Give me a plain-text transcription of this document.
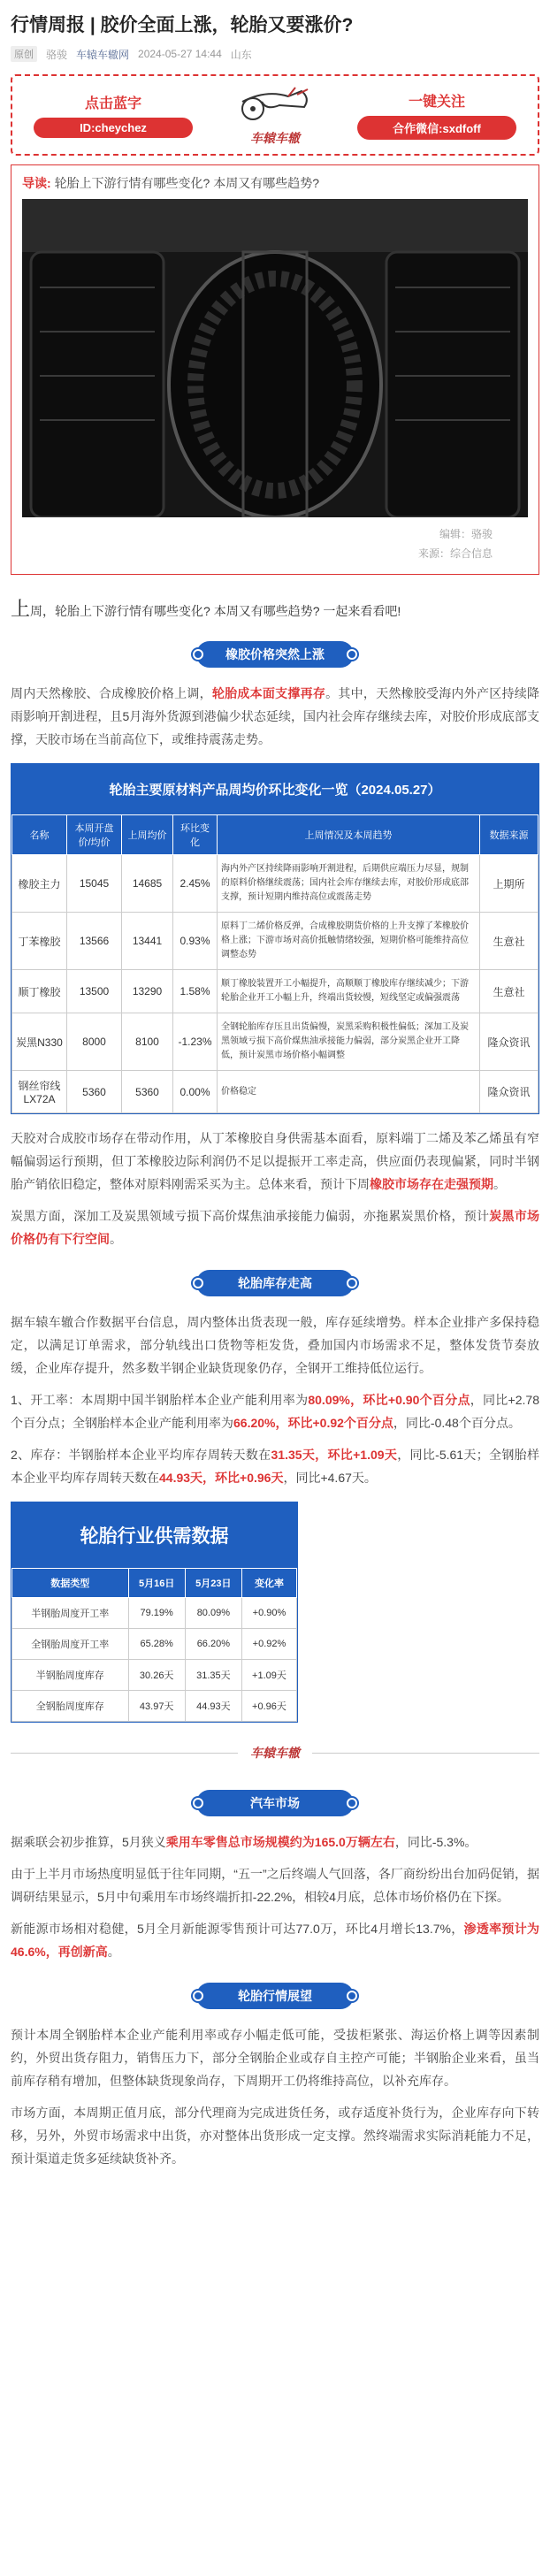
行情周报 | 胶价全面上涨，轮胎又要涨价?
原创	骆骏 车辕车辙网 2024-05-27 14:44 山东
点击蓝字
ID:cheychez
车辕车辙
一键关注
合作微信:sxdfoff
导读: 轮胎上下游行情有哪些变化? 本周又有哪些趋势?
编辑：骆骏
来源：综合信息

上周，轮胎上下游行情有哪些变化? 本周又有哪些趋势? 一起来看看吧!

橡胶价格突然上涨

周内天然橡胶、合成橡胶价格上调，轮胎成本面支撑再存。其中，天然橡胶受海内外产区持续降雨影响开割进程，且5月海外货源到港偏少状态延续，国内社会库存继续去库，对胶价形成底部支撑，天胶市场在当前高位下，或维持震荡走势。

轮胎主要原材料产品周均价环比变化一览（2024.05.27）
名称	本周开盘价/均价	上周均价	环比变化	上周情况及本周趋势	数据来源
橡胶主力	15045	14685	2.45%	海内外产区持续降雨影响开割进程，后期供应端压力尽显，规制的原料价格继续震荡；国内社会库存继续去库，对胶价形成底部支撑，预计短期内维持高位或震荡走势	上期所
丁苯橡胶	13566	13441	0.93%	原料丁二烯价格反弹，合成橡胶期货价格的上升支撑了苯橡胶价格上涨；下游市场对高价抵触情绪较强，短期价格可能维持高位调整态势	生意社
顺丁橡胶	13500	13290	1.58%	顺丁橡胶装置开工小幅提升，高顺顺丁橡胶库存继续减少；下游轮胎企业开工小幅上升，终端出货较慢，短线坚定或偏强震荡	生意社
炭黑N330	8000	8100	-1.23%	全钢轮胎库存压且出货偏慢，炭黑采购积极性偏低；深加工及炭黑领域亏损下高价煤焦油承接能力偏弱，部分炭黑企业开工降低，预计炭黑市场价格小幅调整	隆众资讯
钢丝帘线LX72A	5360	5360	0.00%	价格稳定	隆众资讯

天胶对合成胶市场存在带动作用，从丁苯橡胶自身供需基本面看，原料端丁二烯及苯乙烯虽有窄幅偏弱运行预期，但丁苯橡胶边际利润仍不足以提振开工率走高，供应面仍表现偏紧，同时半钢胎产销依旧稳定，整体对原料刚需采买为主。总体来看，预计下周橡胶市场存在走强预期。

炭黑方面，深加工及炭黑领域亏损下高价煤焦油承接能力偏弱，亦拖累炭黑价格，预计炭黑市场价格仍有下行空间。

轮胎库存走高

据车辕车辙合作数据平台信息，周内整体出货表现一般，库存延续增势。样本企业排产多保持稳定，以满足订单需求，部分轨线出口货物等柜发货，叠加国内市场需求不足，整体发货节奏放缓，企业库存提升，然多数半钢企业缺货现象仍存，全钢开工维持低位运行。

1、开工率：本周期中国半钢胎样本企业产能利用率为80.09%，环比+0.90个百分点，同比+2.78个百分点；全钢胎样本企业产能利用率为66.20%，环比+0.92个百分点，同比-0.48个百分点。

2、库存：半钢胎样本企业平均库存周转天数在31.35天，环比+1.09天，同比-5.61天；全钢胎样本企业平均库存周转天数在44.93天，环比+0.96天，同比+4.67天。

轮胎行业供需数据
数据类型	5月16日	5月23日	变化率
半钢胎周度开工率	79.19%	80.09%	+0.90%
全钢胎周度开工率	65.28%	66.20%	+0.92%
半钢胎周度库存	30.26天	31.35天	+1.09天
全钢胎周度库存	43.97天	44.93天	+0.96天
车辕车辙
汽车市场

据乘联会初步推算，5月狭义乘用车零售总市场规模约为165.0万辆左右，同比-5.3%。

由于上半月市场热度明显低于往年同期，“五一”之后终端人气回落，各厂商纷纷出台加码促销，据调研结果显示，5月中旬乘用车市场终端折扣-22.2%，相较4月底，总体市场价格仍在下探。

新能源市场相对稳健，5月全月新能源零售预计可达77.0万，环比4月增长13.7%，渗透率预计为46.6%，再创新高。

轮胎行情展望

预计本周全钢胎样本企业产能利用率或存小幅走低可能，受拔柜紧张、海运价格上调等因素制约，外贸出货存阻力，销售压力下，部分全钢胎企业或存自主控产可能；半钢胎企业来看，虽当前库存稍有增加，但整体缺货现象尚存，下周期开工仍将维持高位，以补充库存。

市场方面，本周期正值月底，部分代理商为完成进货任务，或存适度补货行为，企业库存向下转移，另外，外贸市场需求中出货，亦对整体出货形成一定支撑。然终端需求实际消耗能力不足，预计渠道走货多延续缺货补齐。
